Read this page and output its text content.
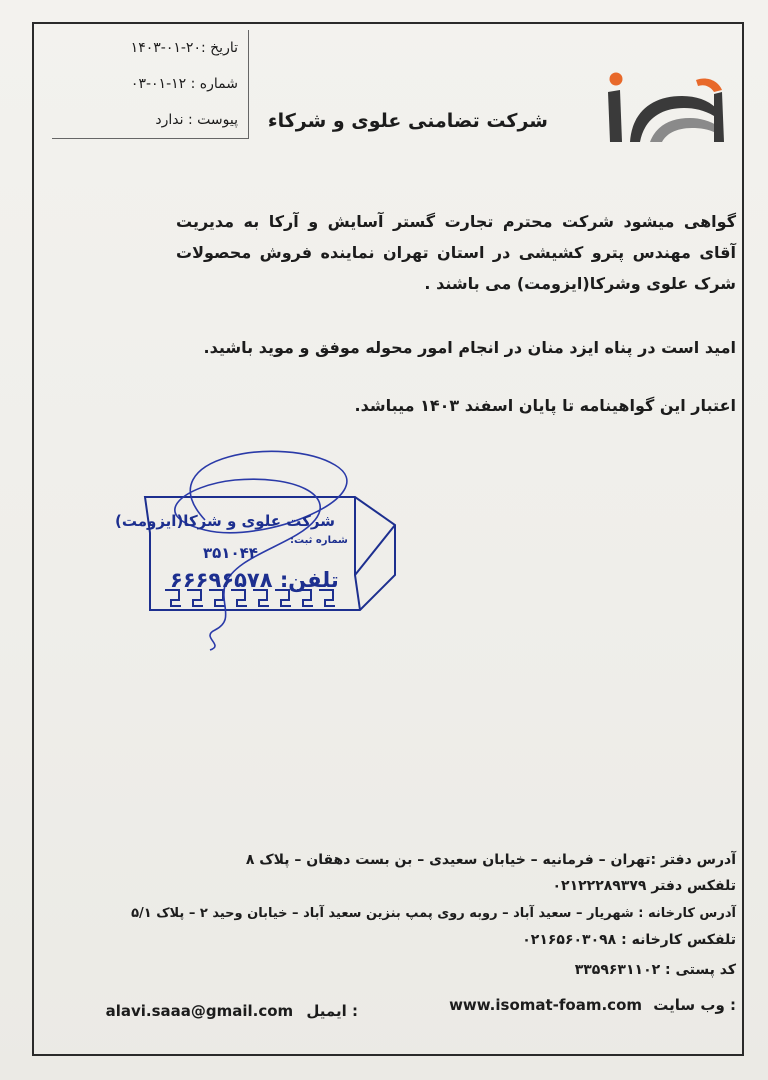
تاریخ :۲۰-۰۱-۱۴۰۳
شماره : ۱۲-۰۱-۰۳
پیوست : ندارد شرکت تضامنی علوی و شرکاء
گواهی میشود شرکت محترم تجارت گستر آسایش و آرکا به مدیریت آقای مهندس پترو کشیشی در استان تهران نماینده فروش محصولات شرک علوی وشرکا(ایزومت) می باشند .
امید است در پناه ایزد منان در انجام امور محوله موفق و موید باشید.
اعتبار این گواهینامه تا پایان اسفند ۱۴۰۳ میباشد.
شرکت علوی و شرکا(ایزومت)
شماره ثبت:
۳۵۱۰۴۴
تلفن: ۶۶۶۹۶۵۷۸
آدرس دفتر :تهران – فرمانیه – خیابان سعیدی – بن بست دهقان – پلاک ۸
تلفکس دفتر ۰۲۱۲۲۲۸۹۳۷۹
آدرس کارخانه : شهریار – سعید آباد – روبه روی پمپ بنزین سعید آباد – خیابان وحید ۲ – پلاک ۵/۱
تلفکس کارخانه : ۰۲۱۶۵۶۰۳۰۹۸
کد پستی : ۳۳۵۹۶۳۱۱۰۲
www.isomat-foam.com وب سایت :
alavi.saaa@gmail.com ایمیل :
